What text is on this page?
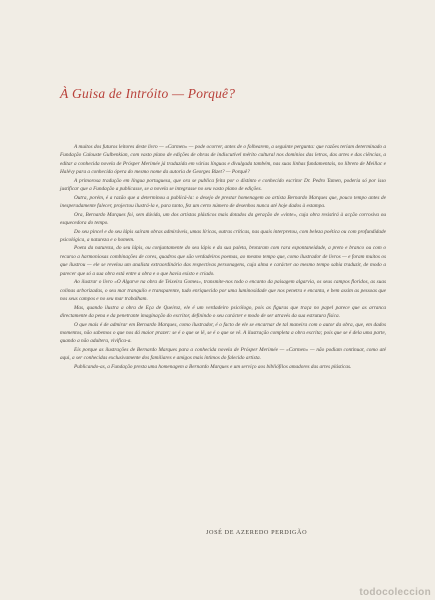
À Guisa de Intróito — Porquê?

A muitos dos futuros leitores deste livro — «Carmen» — pode ocorrer, antes de o folhearem, a seguinte pergunta: que razões teriam determinado a Fundação Calouste Gulbenkian, com vasto plano de edições de obras de indiscutível mérito cultural nos domínios das letras, das artes e das ciências, a editar a conhecida novela de Prósper Merimée já traduzida em várias línguas e divulgada também, nas suas linhas fundamentais, no libreto de Meillac e Halévy para a conhecida ópera do mesmo nome da autoria de Georges Bizet? — Porquê?

A primorosa tradução em língua portuguesa, que ora se publica feita por o distinto e conhecido escritor Dr. Pedro Tamen, poderia só por isso justificar que a Fundação a publicasse, se a novela se integrasse no seu vasto plano de edições.

Outra, porém, é a razão que a determinou a publicá-la: o desejo de prestar homenagem ao artista Bernardo Marques que, pouco tempo antes de inesperadamente falecer, projectou ilustrá-la e, para tanto, fez um certo número de desenhos nunca até hoje dados à estampa.

Ora, Bernardo Marques foi, sem dúvida, um dos artistas plásticos mais dotados da geração de «vinte», cuja obra resistirá à acção corrosiva ou esquecedora do tempo.

Do seu pincel e do seu lápis saíram obras admiráveis, umas líricas, outras críticas, nas quais interpretou, com beleza poética ou com profundidade psicológica, a natureza e o homem.

Poeta da natureza, do seu lápis, ou conjuntamente do seu lápis e da sua paleta, brotaram com rara espontaneidade, a preto e branco ou com o recurso a harmoniosas combinações de cores, quadros que são verdadeiros poemas, ao mesmo tempo que, como ilustrador de livros — e foram muitos os que ilustrou — ele se revelou um analista extraordinário das respectivas personagens, cuja alma e carácter ao mesmo tempo sabia traduzir, de modo a parecer que só a sua obra está entre a obra e o que havia existo e criado.

Ao ilustrar o livro «O Algarve na obra de Teixeira Gomes», transmite-nos todo o encanto da paisagem algarvia, os seus campos floridos, as suas colinas arborizadas, o seu mar tranquilo e transparente, tudo enriquecido por uma luminosidade que nos penetra e encanta, e bem assim as pessoas que nos seus campos e no seu mar trabalham.

Mas, quando ilustra a obra de Eça de Queiroz, ele é um verdadeiro psicólogo, pois as figuras que traça no papel parece que as arranca directamente da pena e da penetrante imaginação do escritor, definindo o seu carácter e modo de ser através da sua estrutura física.

O que mais é de admirar em Bernardo Marques, como ilustrador, é o facto de ele se encarnar de tal maneira com o autor da obra, que, em dados momentos, não sabemos o que nos dá maior prazer: se é o que se lê, se é o que se vê. A ilustração completa a obra escrita; pois que se é dela uma parte, quando a não adultera, vivifica-a.

Eis porque as ilustrações de Bernardo Marques para a conhecida novela de Prósper Merimée — «Carmen» — não podiam continuar, como até aqui, a ser conhecidas exclusivamente dos familiares e amigos mais íntimos do falecido artista.

Publicando-as, a Fundação presta uma homenagem a Bernardo Marques e um serviço aos bibliófilos amadores das artes plásticas.

JOSÉ DE AZEREDO PERDIGÃO
todocoleccion
